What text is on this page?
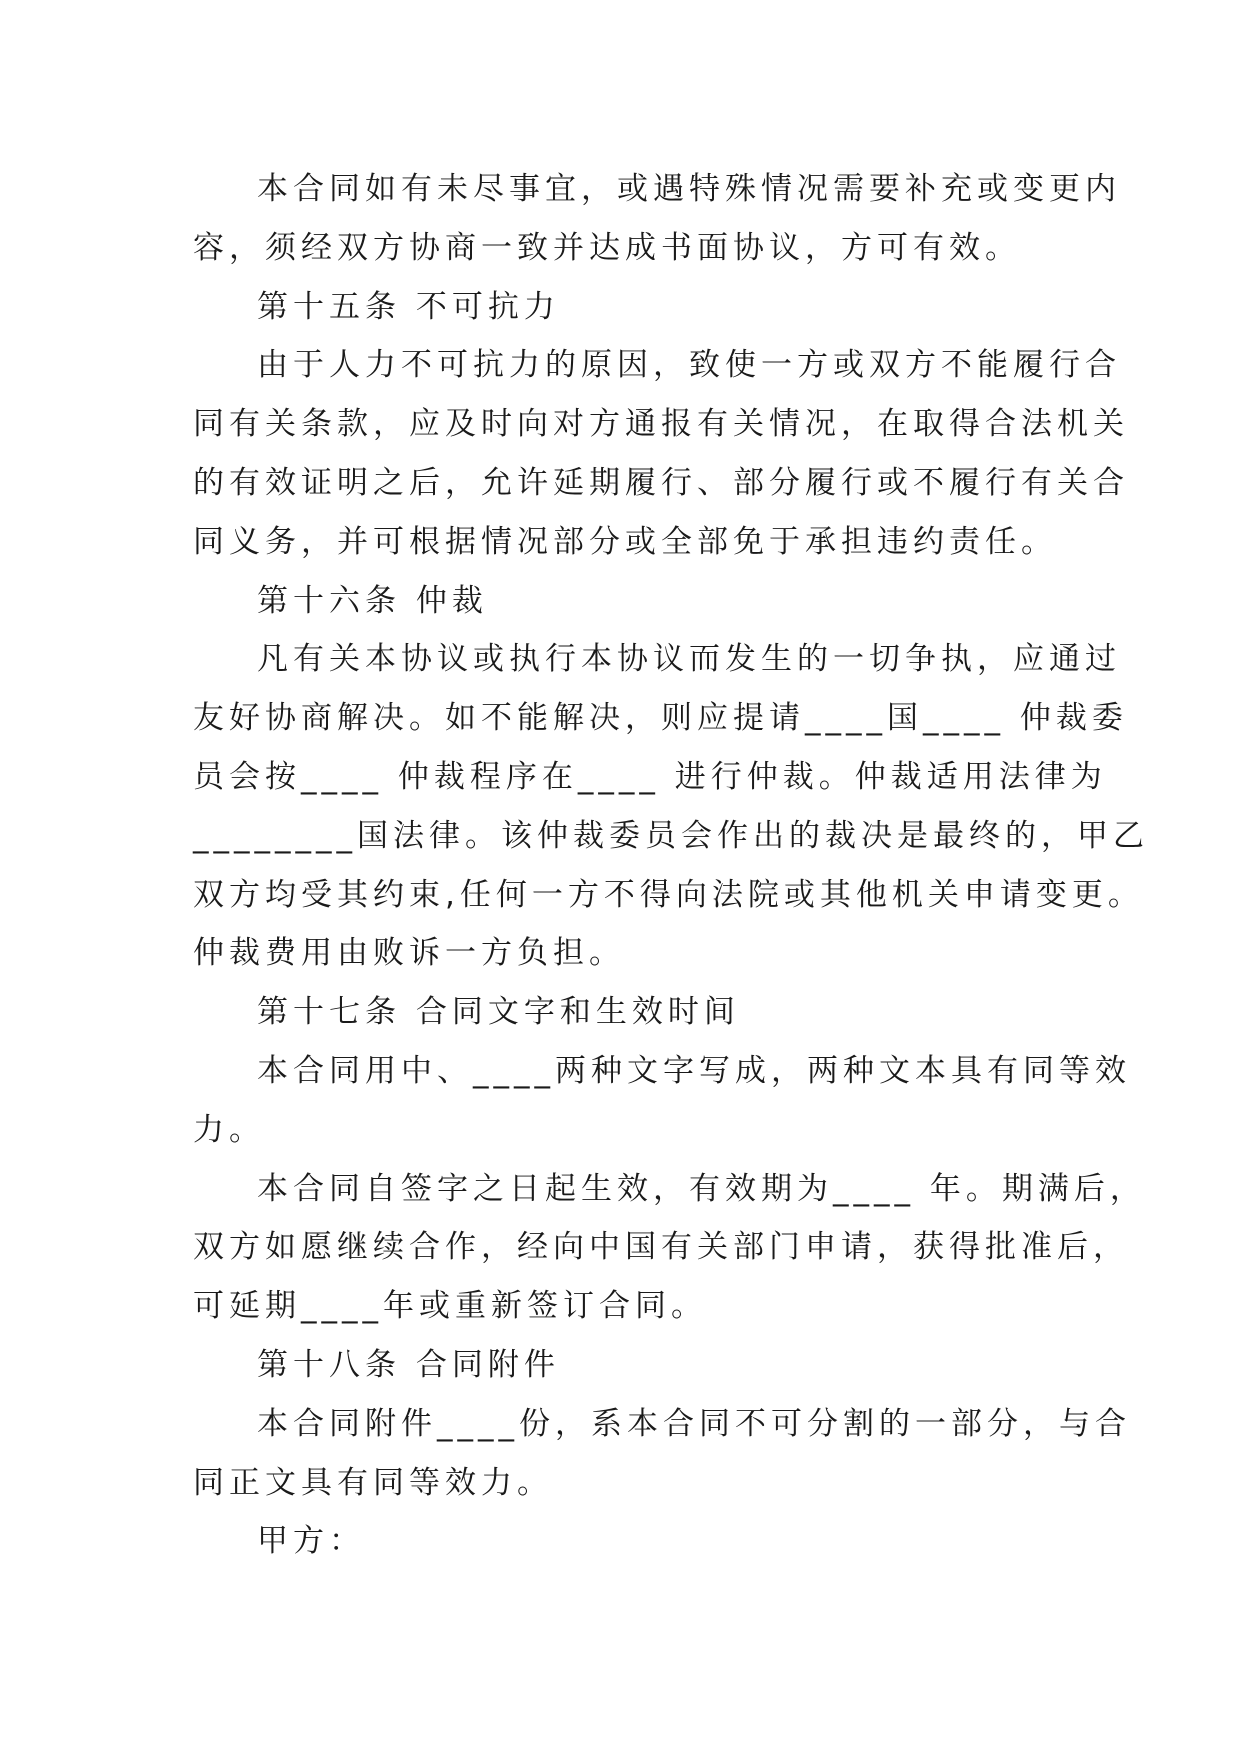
本合同如有未尽事宜，或遇特殊情况需要补充或变更内
容，须经双方协商一致并达成书面协议，方可有效。
第十五条 不可抗力
由于人力不可抗力的原因，致使一方或双方不能履行合
同有关条款，应及时向对方通报有关情况，在取得合法机关
的有效证明之后，允许延期履行、部分履行或不履行有关合
同义务，并可根据情况部分或全部免于承担违约责任。
第十六条 仲裁
凡有关本协议或执行本协议而发生的一切争执，应通过
友好协商解决。如不能解决，则应提请____国____ 仲裁委
员会按____ 仲裁程序在____ 进行仲裁。仲裁适用法律为
________国法律。该仲裁委员会作出的裁决是最终的，甲乙
双方均受其约束,任何一方不得向法院或其他机关申请变更。
仲裁费用由败诉一方负担。
第十七条 合同文字和生效时间
本合同用中、____两种文字写成，两种文本具有同等效
力。
本合同自签字之日起生效，有效期为____ 年。期满后，
双方如愿继续合作，经向中国有关部门申请，获得批准后，
可延期____年或重新签订合同。
第十八条 合同附件
本合同附件____份，系本合同不可分割的一部分，与合
同正文具有同等效力。
甲方：
